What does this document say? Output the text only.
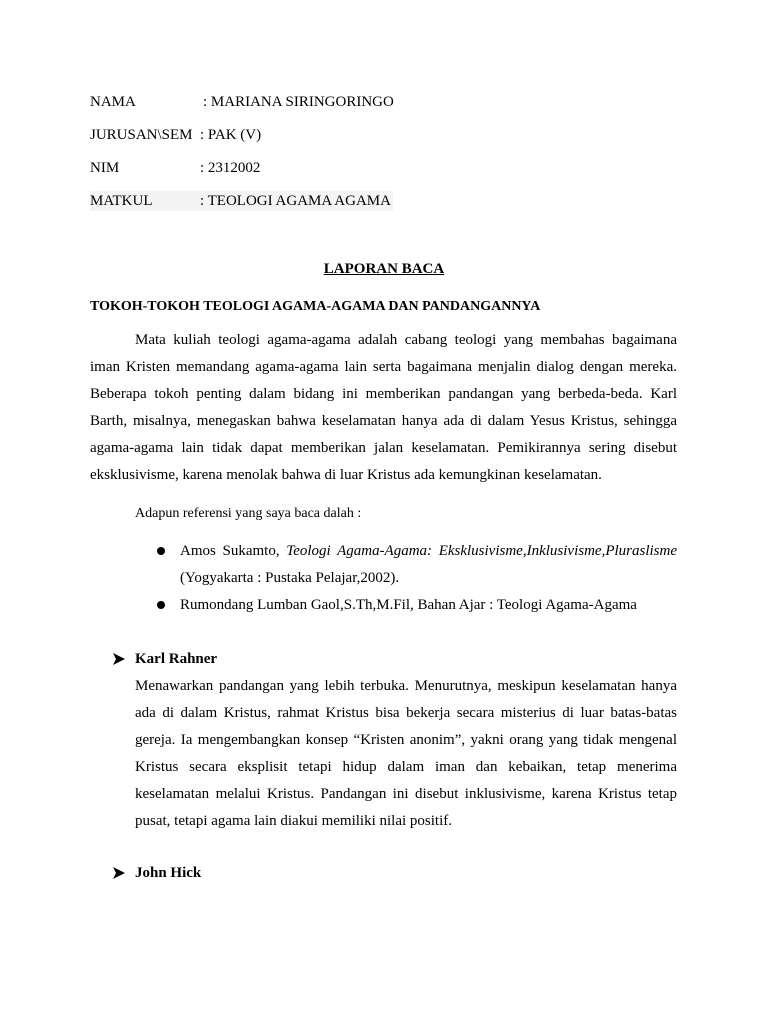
NAMA	: MARIANA SIRINGORINGO
JURUSAN\SEM : PAK (V)
NIM	: 2312002
MATKUL	: TEOLOGI AGAMA AGAMA
LAPORAN BACA
TOKOH-TOKOH TEOLOGI AGAMA-AGAMA DAN PANDANGANNYA

Mata kuliah teologi agama-agama adalah cabang teologi yang membahas bagaimana iman Kristen memandang agama-agama lain serta bagaimana menjalin dialog dengan mereka. Beberapa tokoh penting dalam bidang ini memberikan pandangan yang berbeda-beda. Karl Barth, misalnya, menegaskan bahwa keselamatan hanya ada di dalam Yesus Kristus, sehingga agama-agama lain tidak dapat memberikan jalan keselamatan. Pemikirannya sering disebut eksklusivisme, karena menolak bahwa di luar Kristus ada kemungkinan keselamatan.

Adapun referensi yang saya baca dalah :

Amos Sukamto, Teologi Agama-Agama: Eksklusivisme,Inklusivisme,Pluraslisme (Yogyakarta : Pustaka Pelajar,2002).

Rumondang Lumban Gaol,S.Th,M.Fil, Bahan Ajar : Teologi Agama-Agama

Karl Rahner

Menawarkan pandangan yang lebih terbuka. Menurutnya, meskipun keselamatan hanya ada di dalam Kristus, rahmat Kristus bisa bekerja secara misterius di luar batas-batas gereja. Ia mengembangkan konsep “Kristen anonim”, yakni orang yang tidak mengenal Kristus secara eksplisit tetapi hidup dalam iman dan kebaikan, tetap menerima keselamatan melalui Kristus. Pandangan ini disebut inklusivisme, karena Kristus tetap pusat, tetapi agama lain diakui memiliki nilai positif.

John Hick
